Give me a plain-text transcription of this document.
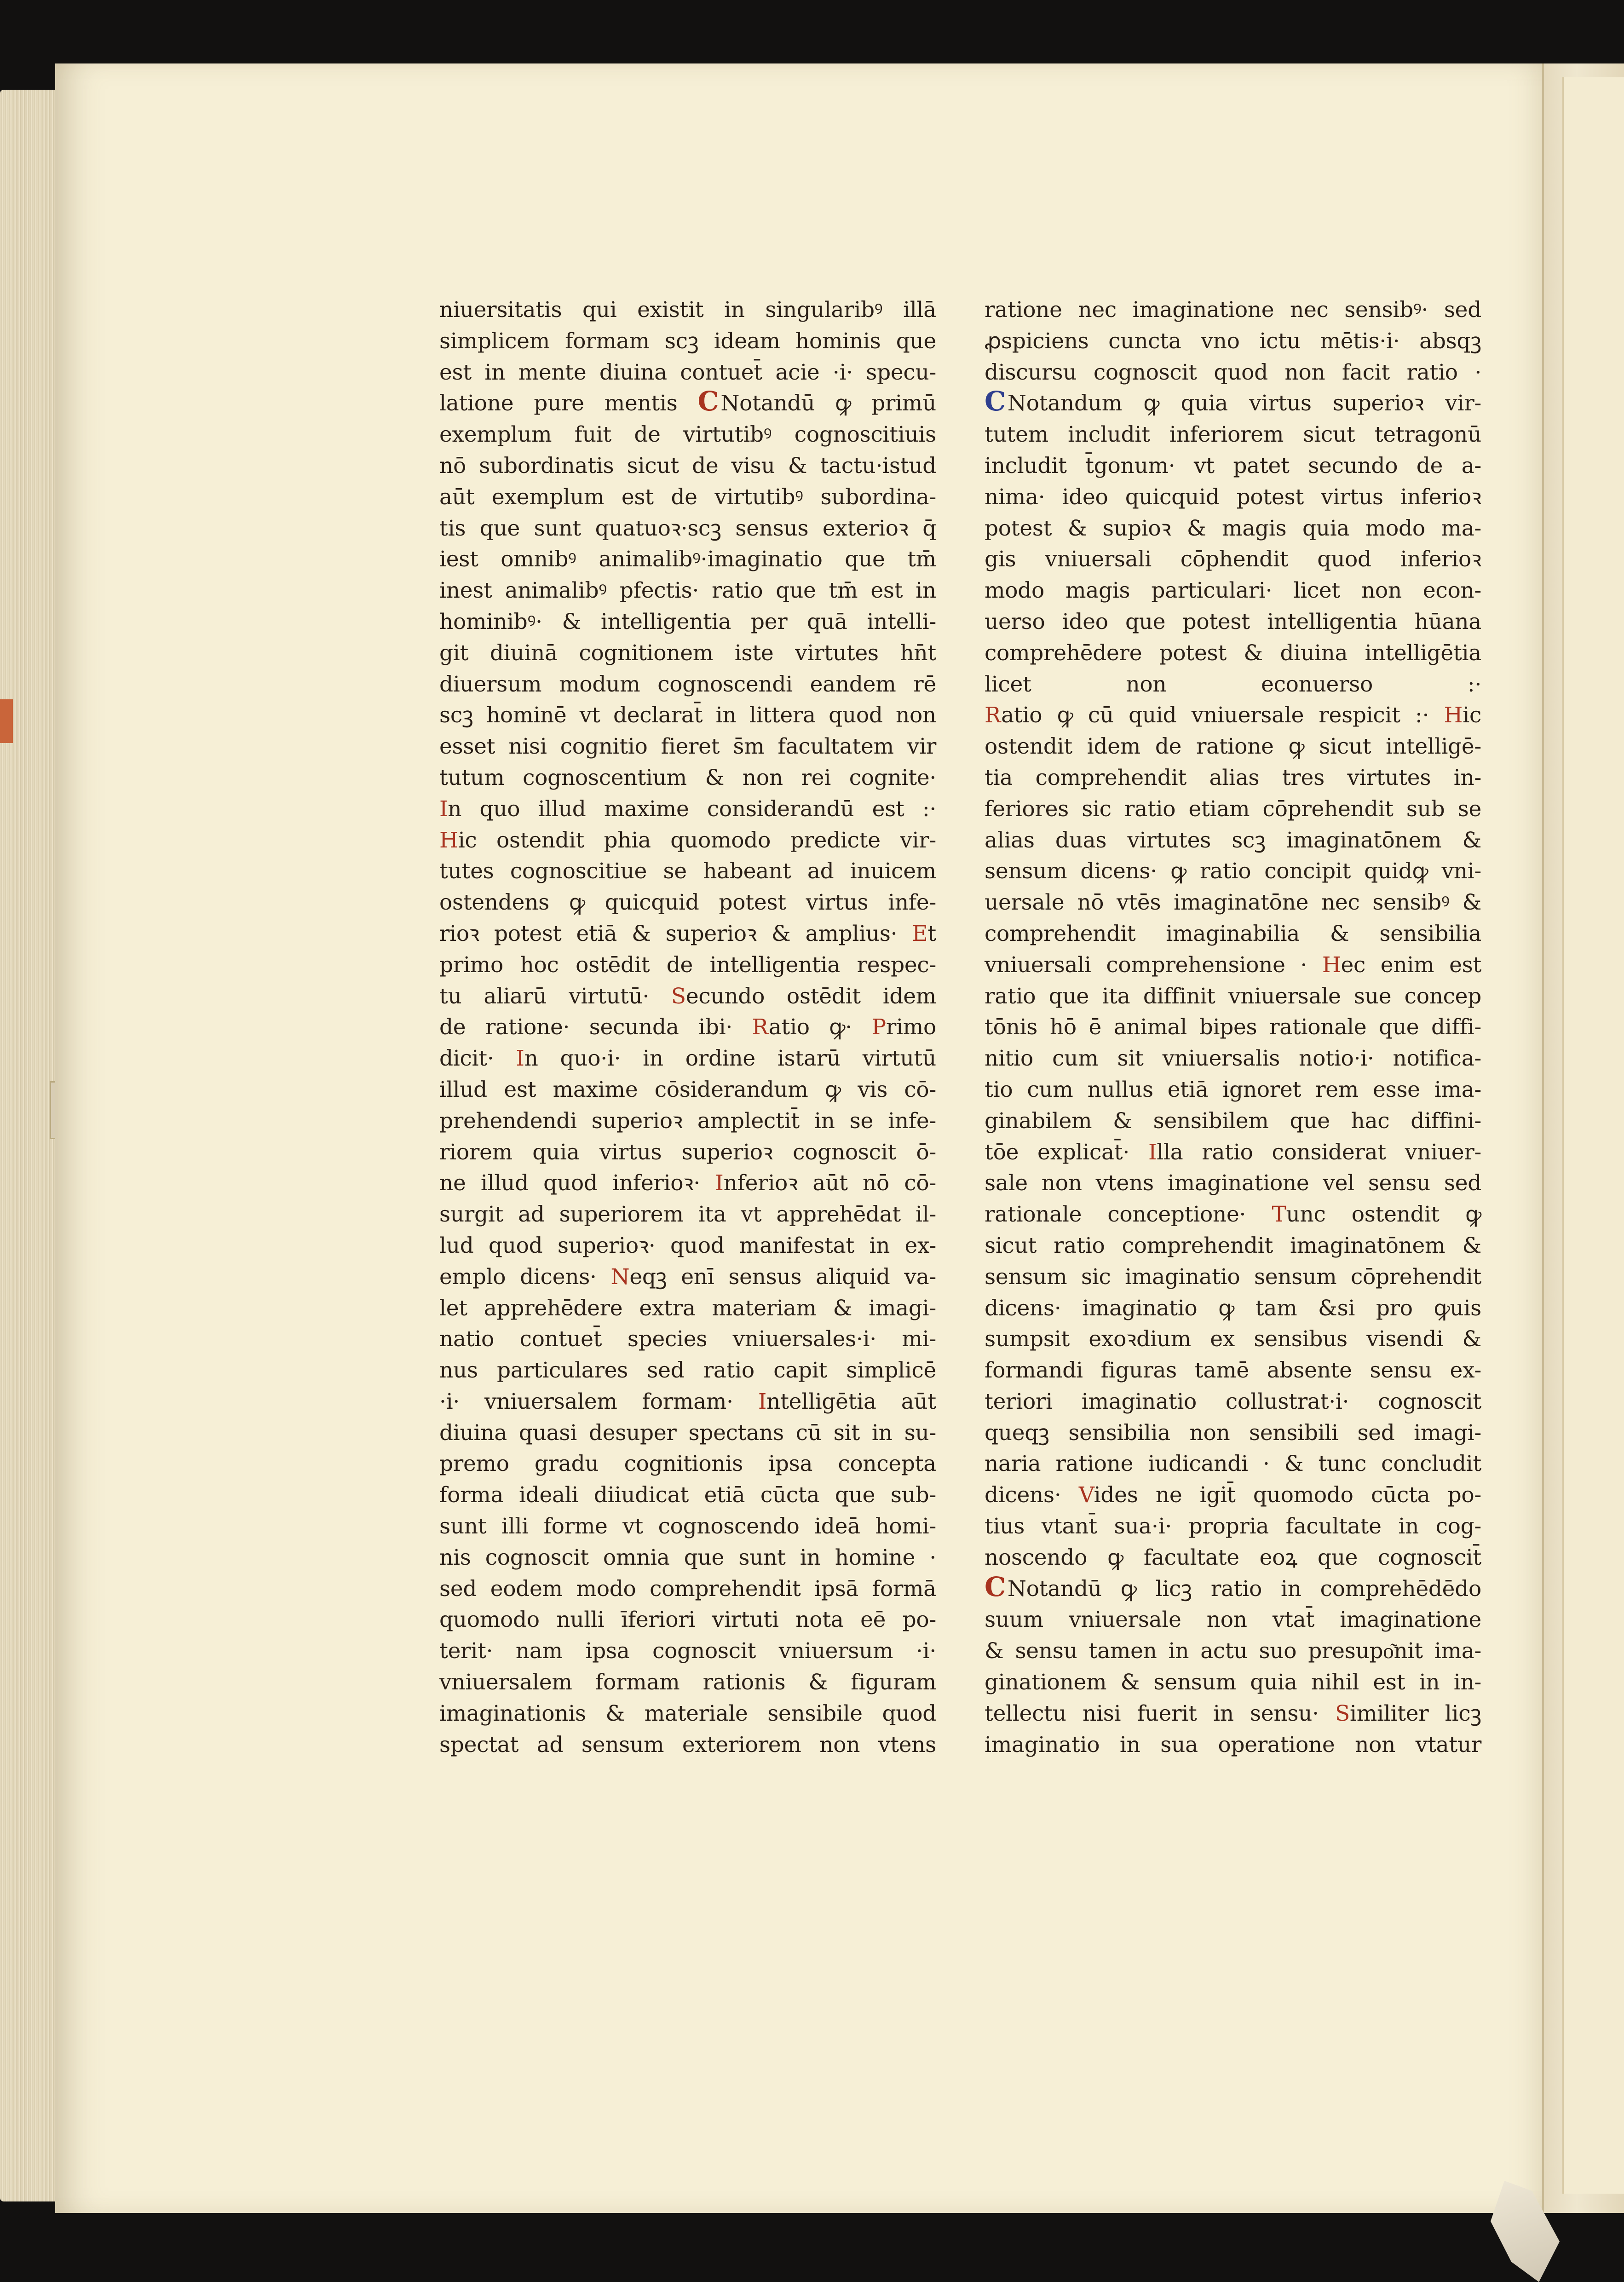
niuersitatis qui existit in singularibꝰ illā
simplicem formam scꝫ ideam hominis que
est in mente diuina contuet̄ acie ·i· specu-
latione pure mentis CNotandū ꝙ primū
exemplum fuit de virtutibꝰ cognoscitiuis
nō subordinatis sicut de visu & tactu·istud
aūt exemplum est de virtutibꝰ subordina-
tis que sunt quatuoꝛ·scꝫ sensus exterioꝛ q̄
iest omnibꝰ animalibꝰ·imaginatio que tm̄
inest animalibꝰ pfectis· ratio que tm̄ est in
hominibꝰ· & intelligentia per quā intelli-
git diuinā cognitionem iste virtutes hn̄t
diuersum modum cognoscendi eandem rē
scꝫ hominē vt declarat̄ in littera quod non
esset nisi cognitio fieret s̄m facultatem vir
tutum cognoscentium & non rei cognite·
In quo illud maxime considerandū est :·
Hic ostendit phia quomodo predicte vir-
tutes cognoscitiue se habeant ad inuicem
ostendens ꝙ quicquid potest virtus infe-
rioꝛ potest etiā & superioꝛ & amplius· Et
primo hoc ostēdit de intelligentia respec-
tu aliarū virtutū· Secundo ostēdit idem
de ratione· secunda ibi· Ratio ꝙ· Primo
dicit· In quo·i· in ordine istarū virtutū
illud est maxime cōsiderandum ꝙ vis cō-
prehendendi superioꝛ amplectit̄ in se infe-
riorem quia virtus superioꝛ cognoscit ō-
ne illud quod inferioꝛ· Inferioꝛ aūt nō cō-
surgit ad superiorem ita vt apprehēdat il-
lud quod superioꝛ· quod manifestat in ex-
emplo dicens· Neqꝫ enī sensus aliquid va-
let apprehēdere extra materiam & imagi-
natio contuet̄ species vniuersales·i· mi-
nus particulares sed ratio capit simplicē
·i· vniuersalem formam· Intelligētia aūt
diuina quasi desuper spectans cū sit in su-
premo gradu cognitionis ipsa concepta
forma ideali diiudicat etiā cūcta que sub-
sunt illi forme vt cognoscendo ideā homi-
nis cognoscit omnia que sunt in homine ·
sed eodem modo comprehendit ipsā formā
quomodo nulli īferiori virtuti nota eē po-
terit· nam ipsa cognoscit vniuersum ·i·
vniuersalem formam rationis & figuram
imaginationis & materiale sensibile quod
spectat ad sensum exteriorem non vtens
ratione nec imaginatione nec sensibꝰ· sed
ꝓspiciens cuncta vno ictu mētis·i· absqꝫ
discursu cognoscit quod non facit ratio ·
CNotandum ꝙ quia virtus superioꝛ vir-
tutem includit inferiorem sicut tetragonū
includit t̄gonum· vt patet secundo de a-
nima· ideo quicquid potest virtus inferioꝛ
potest & supioꝛ & magis quia modo ma-
gis vniuersali cōphendit quod inferioꝛ
modo magis particulari· licet non econ-
uerso ideo que potest intelligentia hūana
comprehēdere potest & diuina intelligētia
licet non econuerso :·
Ratio ꝙ cū quid vniuersale respicit :· Hic
ostendit idem de ratione ꝙ sicut intelligē-
tia comprehendit alias tres virtutes in-
feriores sic ratio etiam cōprehendit sub se
alias duas virtutes scꝫ imaginatōnem &
sensum dicens· ꝙ ratio concipit quidꝙ vni-
uersale nō vtēs imaginatōne nec sensibꝰ &
comprehendit imaginabilia & sensibilia
vniuersali comprehensione · Hec enim est
ratio que ita diffinit vniuersale sue concep
tōnis hō ē animal bipes rationale que diffi-
nitio cum sit vniuersalis notio·i· notifica-
tio cum nullus etiā ignoret rem esse ima-
ginabilem & sensibilem que hac diffini-
tōe explicat̄· Illa ratio considerat vniuer-
sale non vtens imaginatione vel sensu sed
rationale conceptione· Tunc ostendit ꝙ
sicut ratio comprehendit imaginatōnem &
sensum sic imaginatio sensum cōprehendit
dicens· imaginatio ꝙ tam &si pro ꝙuis
sumpsit exoꝛdium ex sensibus visendi &
formandi figuras tamē absente sensu ex-
teriori imaginatio collustrat·i· cognoscit
queqꝫ sensibilia non sensibili sed imagi-
naria ratione iudicandi · & tunc concludit
dicens· Vides ne igit̄ quomodo cūcta po-
tius vtant̄ sua·i· propria facultate in cog-
noscendo ꝙ facultate eoꝝ que cognoscit̄
CNotandū ꝙ licꝫ ratio in comprehēdēdo
suum vniuersale non vtat̄ imaginatione
& sensu tamen in actu suo presupo͂nit ima-
ginationem & sensum quia nihil est in in-
tellectu nisi fuerit in sensu· Similiter licꝫ
imaginatio in sua operatione non vtatur
